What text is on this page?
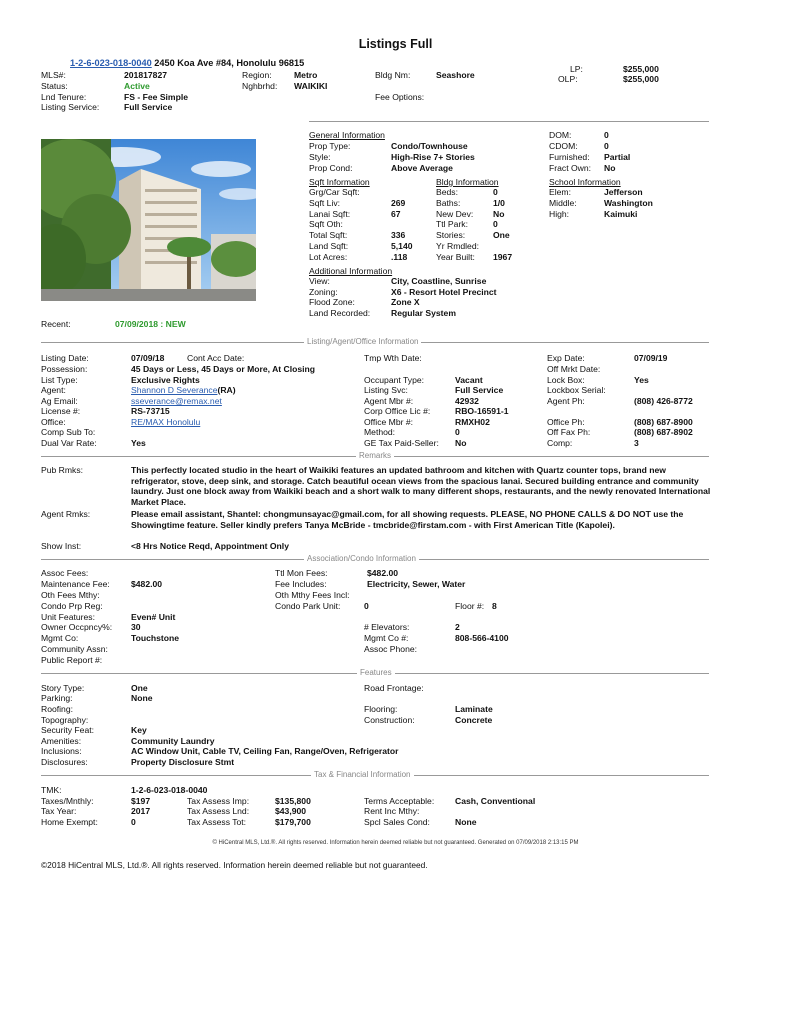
Listings Full
1-2-6-023-018-0040 2450 Koa Ave #84, Honolulu 96815
LP:	$255,000
OLP:	$255,000
MLS#:	201817827	Region:	Metro	Bldg Nm:	Seashore
Status:	Active	Nghbrhd: WAIKIKI
Lnd Tenure:	FS - Fee Simple	Fee Options:
Listing Service:	Full Service
General Information
Prop Type:	Condo/Townhouse
Style:	High-Rise 7+ Stories
Prop Cond:	Above Average
DOM:	0
CDOM:	0
Furnished: Partial
Fract Own: No
Sqft Information
Grg/Car Sqft:
Sqft Liv:	269
Lanai Sqft:	67
Sqft Oth:
Total Sqft:	336
Land Sqft:	5,140
Lot Acres:	.118
Bldg Information
Beds:	0
Baths:	1/0
New Dev: No
Ttl Park:	0
Stories:	One
Yr Rmdled:
Year Built: 1967
School Information
Elem:	Jefferson
Middle:	Washington
High:	Kaimuki
Additional Information
View:	City, Coastline, Sunrise
Zoning:	X6 - Resort Hotel Precinct
Flood Zone:	Zone X
Land Recorded: Regular System
Recent:	07/09/2018 : NEW
Listing/Agent/Office Information
Listing Date:	07/09/18	Cont Acc Date:	Tmp Wth Date:	Exp Date:	07/09/19
Possession:	45 Days or Less, 45 Days or More, At Closing	Off Mrkt Date:
List Type:	Exclusive Rights	Occupant Type:	Vacant	Lock Box:	Yes
Agent:	Shannon D Severance(RA)	Listing Svc:	Full Service	Lockbox Serial:
Ag Email:	sseverance@remax.net	Agent Mbr #:	42932	Agent Ph:	(808) 426-8772
License #:	RS-73715	Corp Office Lic #:	RBO-16591-1
Office:	RE/MAX Honolulu	Office Mbr #:	RMXH02	Office Ph:	(808) 687-8900
Comp Sub To:	Method:	0	Off Fax Ph:	(808) 687-8902
Dual Var Rate:	Yes	GE Tax Paid-Seller: No	Comp:	3
Remarks
Pub Rmks:	This perfectly located studio in the heart of Waikiki features an updated bathroom and kitchen with Quartz counter tops, brand new refrigerator, stove, deep sink, and storage. Catch beautiful ocean views from the spacious lanai. Secured building entrance and community laundry. Just one block away from Waikiki beach and a short walk to many different shops, restaurants, and the newly renovated International Market Place.
Agent Rmks:	Please email assistant, Shantel: chongmunsayac@gmail.com, for all showing requests. PLEASE, NO PHONE CALLS & DO NOT use the Showingtime feature. Seller kindly prefers Tanya McBride - tmcbride@firstam.com - with First American Title (Kapolei).
Show Inst:	<8 Hrs Notice Reqd, Appointment Only
Association/Condo Information
Assoc Fees:	Ttl Mon Fees:	$482.00
Maintenance Fee: $482.00	Fee Includes:	Electricity, Sewer, Water
Oth Fees Mthy:	Oth Mthy Fees Incl:
Condo Prp Reg:	Condo Park Unit:	0	Floor #: 8
Unit Features:	Even# Unit
Owner Occpncy%: 30	# Elevators:	2
Mgmt Co:	Touchstone	Mgmt Co #:	808-566-4100
Community Assn:	Assoc Phone:
Public Report #:
Features
Story Type:	One	Road Frontage:
Parking:	None
Roofing:	Flooring:	Laminate
Topography:	Construction:	Concrete
Security Feat:	Key
Amenities:	Community Laundry
Inclusions:	AC Window Unit, Cable TV, Ceiling Fan, Range/Oven, Refrigerator
Disclosures:	Property Disclosure Stmt
Tax & Financial Information
TMK:	1-2-6-023-018-0040
Taxes/Mnthly:	$197	Tax Assess Imp:	$135,800	Terms Acceptable: Cash, Conventional
Tax Year:	2017	Tax Assess Lnd:	$43,900	Rent Inc Mthy:
Home Exempt:	0	Tax Assess Tot:	$179,700	Spcl Sales Cond:	None
© HiCentral MLS, Ltd.®. All rights reserved. Information herein deemed reliable but not guaranteed. Generated on 07/09/2018 2:13:15 PM
©2018 HiCentral MLS, Ltd.®. All rights reserved. Information herein deemed reliable but not guaranteed.
